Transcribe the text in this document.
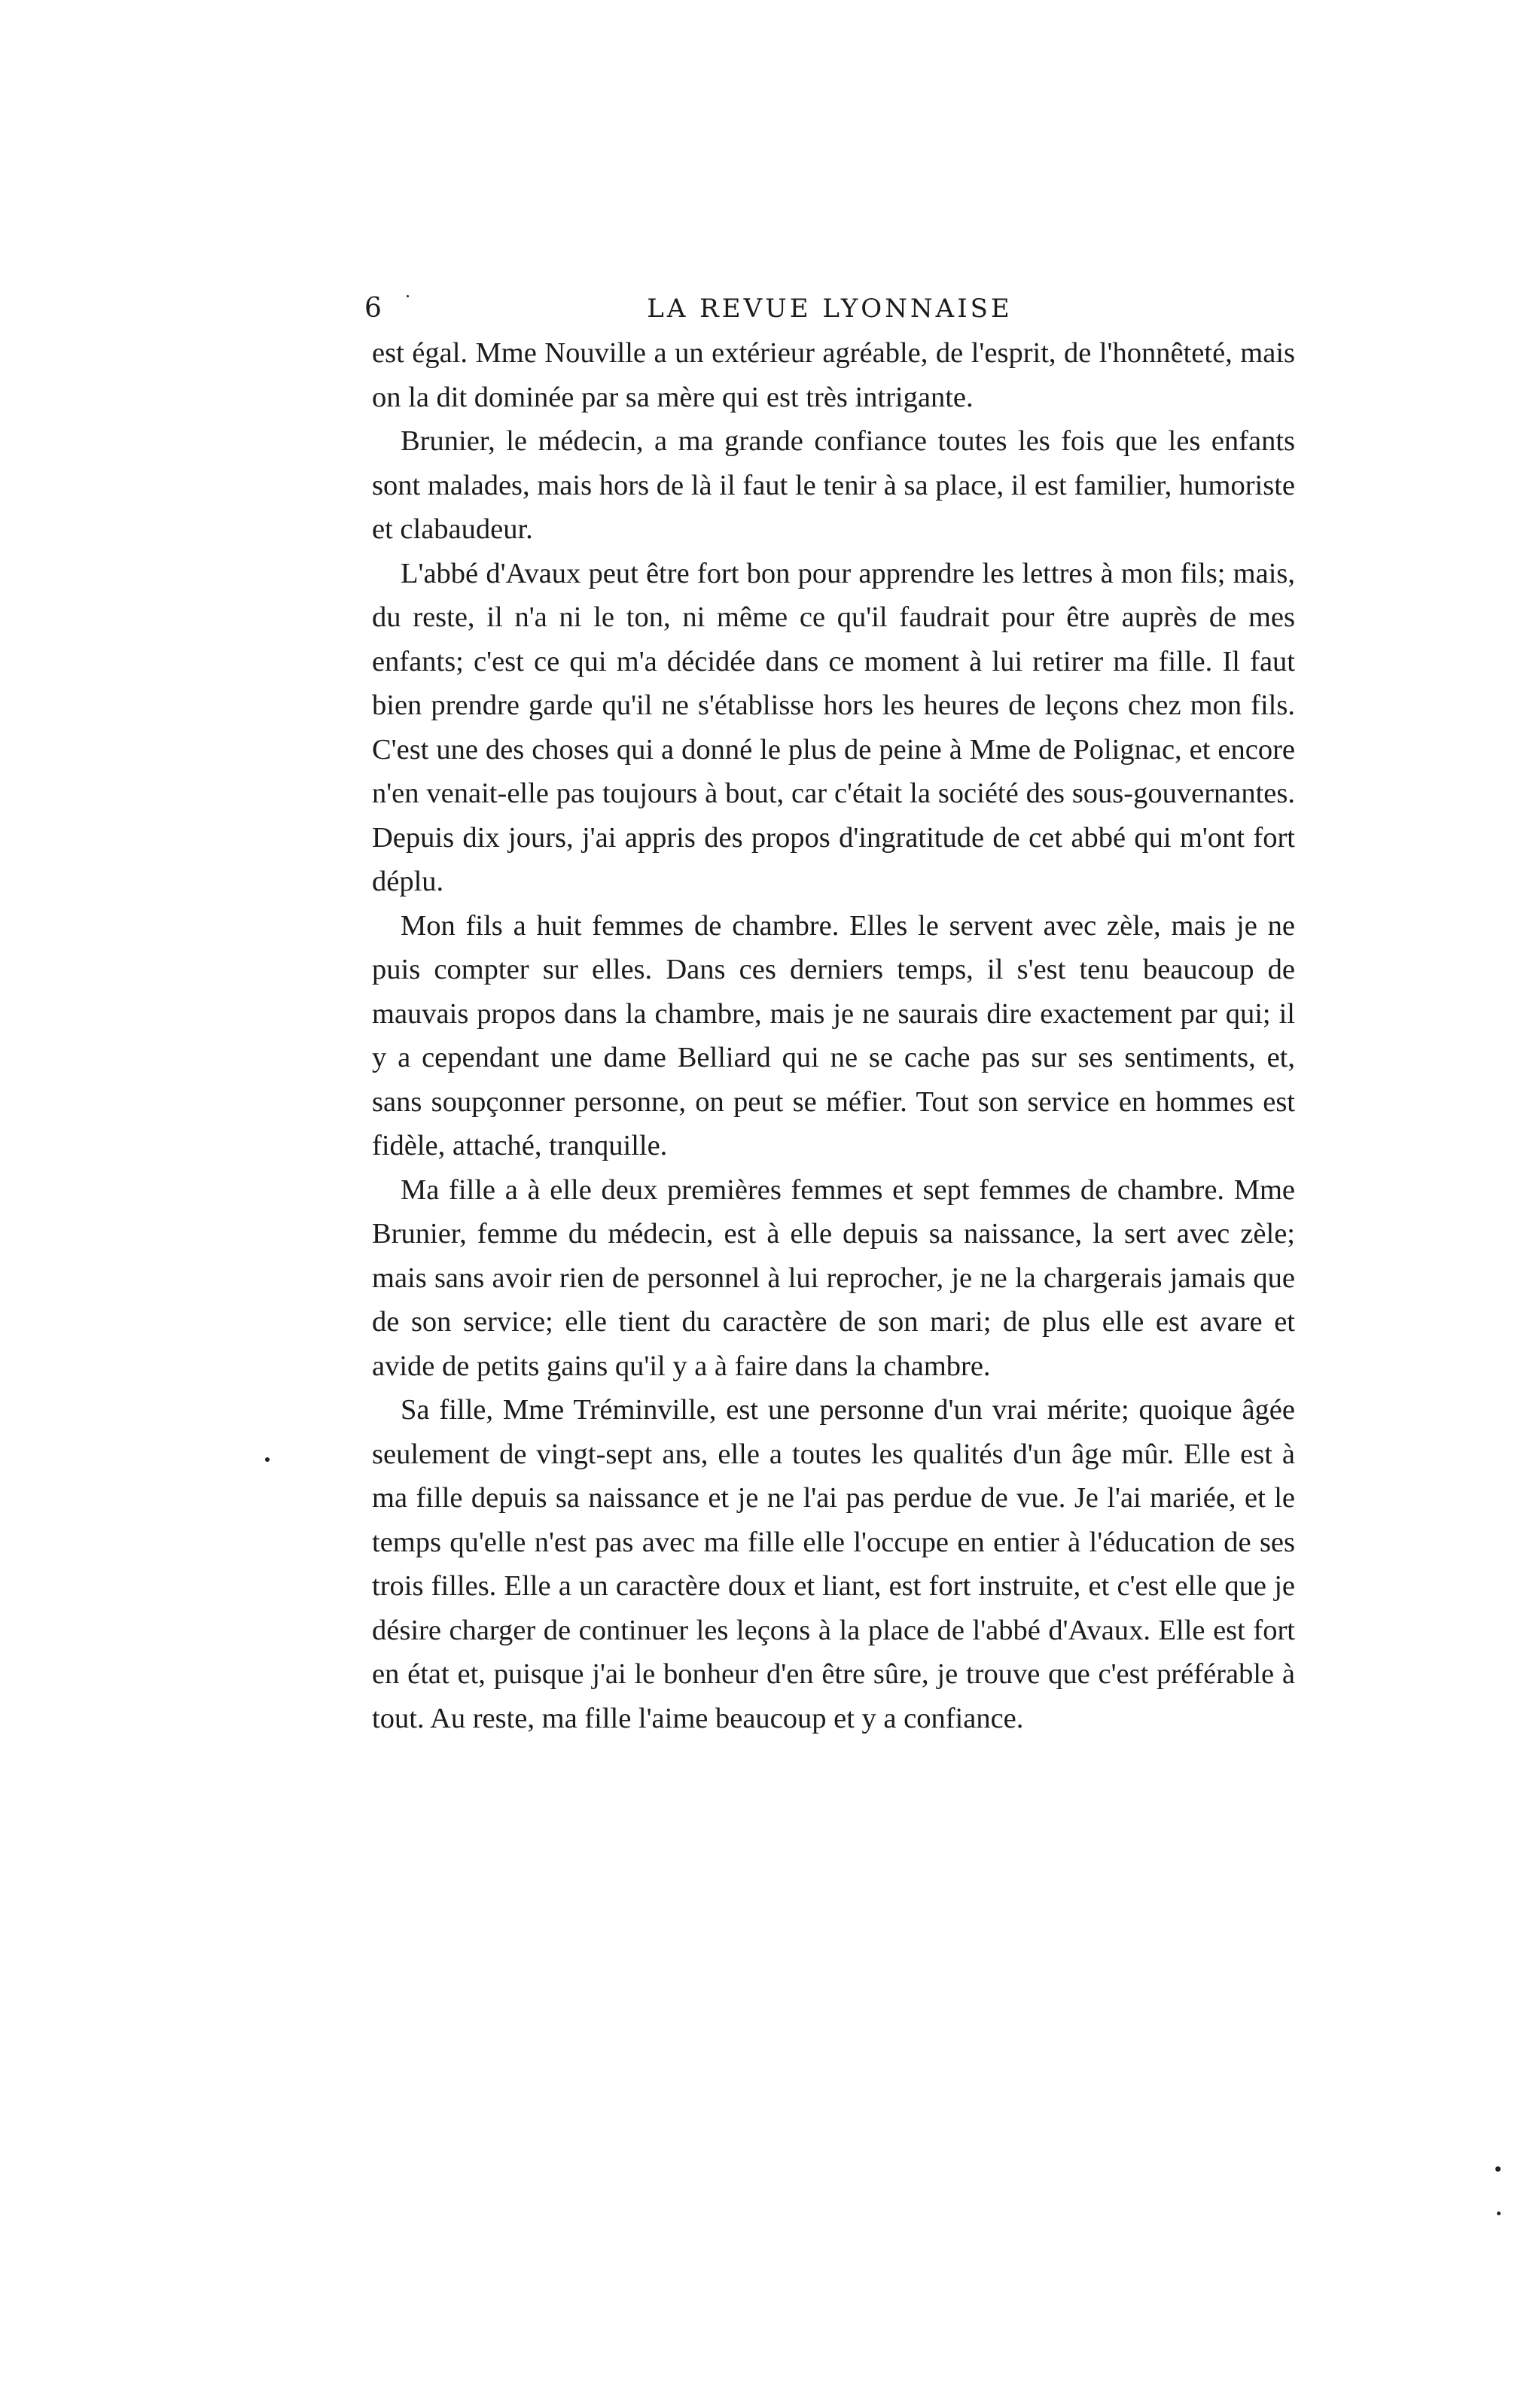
6	LA REVUE LYONNAISE

est égal. Mme Nouville a un extérieur agréable, de l'esprit, de l'honnêteté, mais on la dit dominée par sa mère qui est très intrigante.

Brunier, le médecin, a ma grande confiance toutes les fois que les enfants sont malades, mais hors de là il faut le tenir à sa place, il est familier, humoriste et clabaudeur.

L'abbé d'Avaux peut être fort bon pour apprendre les lettres à mon fils; mais, du reste, il n'a ni le ton, ni même ce qu'il faudrait pour être auprès de mes enfants; c'est ce qui m'a décidée dans ce moment à lui retirer ma fille. Il faut bien prendre garde qu'il ne s'établisse hors les heures de leçons chez mon fils. C'est une des choses qui a donné le plus de peine à Mme de Polignac, et encore n'en venait-elle pas toujours à bout, car c'était la société des sous-gouvernantes. Depuis dix jours, j'ai appris des propos d'ingratitude de cet abbé qui m'ont fort déplu.

Mon fils a huit femmes de chambre. Elles le servent avec zèle, mais je ne puis compter sur elles. Dans ces derniers temps, il s'est tenu beaucoup de mauvais propos dans la chambre, mais je ne saurais dire exactement par qui; il y a cependant une dame Belliard qui ne se cache pas sur ses sentiments, et, sans soupçonner personne, on peut se méfier. Tout son service en hommes est fidèle, attaché, tranquille.

Ma fille a à elle deux premières femmes et sept femmes de chambre. Mme Brunier, femme du médecin, est à elle depuis sa naissance, la sert avec zèle; mais sans avoir rien de personnel à lui reprocher, je ne la chargerais jamais que de son service; elle tient du caractère de son mari; de plus elle est avare et avide de petits gains qu'il y a à faire dans la chambre.

Sa fille, Mme Tréminville, est une personne d'un vrai mérite; quoique âgée seulement de vingt-sept ans, elle a toutes les qualités d'un âge mûr. Elle est à ma fille depuis sa naissance et je ne l'ai pas perdue de vue. Je l'ai mariée, et le temps qu'elle n'est pas avec ma fille elle l'occupe en entier à l'éducation de ses trois filles. Elle a un caractère doux et liant, est fort instruite, et c'est elle que je désire charger de continuer les leçons à la place de l'abbé d'Avaux. Elle est fort en état et, puisque j'ai le bonheur d'en être sûre, je trouve que c'est préférable à tout. Au reste, ma fille l'aime beaucoup et y a confiance.
